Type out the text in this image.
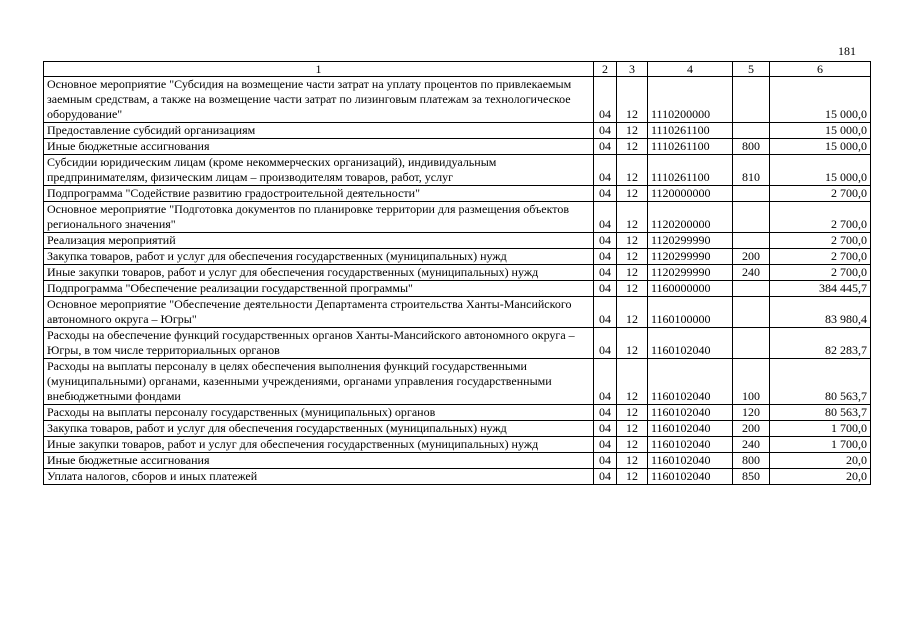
181
1	2	3	4	5	6
Основное мероприятие "Субсидия на возмещение части затрат на уплату процентов по привлекаемым заемным средствам, а также на возмещение части затрат по лизинговым платежам за технологическое оборудование"	04	12	1110200000		15 000,0
Предоставление субсидий организациям	04	12	1110261100		15 000,0
Иные бюджетные ассигнования	04	12	1110261100	800	15 000,0
Субсидии юридическим лицам (кроме некоммерческих организаций), индивидуальным предпринимателям, физическим лицам – производителям товаров, работ, услуг	04	12	1110261100	810	15 000,0
Подпрограмма "Содействие развитию градостроительной деятельности"	04	12	1120000000		2 700,0
Основное мероприятие "Подготовка документов по планировке территории для размещения объектов регионального значения"	04	12	1120200000		2 700,0
Реализация мероприятий	04	12	1120299990		2 700,0
Закупка товаров, работ и услуг для обеспечения государственных (муниципальных) нужд	04	12	1120299990	200	2 700,0
Иные закупки товаров, работ и услуг для обеспечения государственных (муниципальных) нужд	04	12	1120299990	240	2 700,0
Подпрограмма "Обеспечение реализации государственной программы"	04	12	1160000000		384 445,7
Основное мероприятие "Обеспечение деятельности Департамента строительства Ханты-Мансийского автономного округа – Югры"	04	12	1160100000		83 980,4
Расходы на обеспечение функций государственных органов Ханты-Мансийского автономного округа – Югры, в том числе территориальных органов	04	12	1160102040		82 283,7
Расходы на выплаты персоналу в целях обеспечения выполнения функций государственными (муниципальными) органами, казенными учреждениями, органами управления государственными внебюджетными фондами	04	12	1160102040	100	80 563,7
Расходы на выплаты персоналу государственных (муниципальных) органов	04	12	1160102040	120	80 563,7
Закупка товаров, работ и услуг для обеспечения государственных (муниципальных) нужд	04	12	1160102040	200	1 700,0
Иные закупки товаров, работ и услуг для обеспечения государственных (муниципальных) нужд	04	12	1160102040	240	1 700,0
Иные бюджетные ассигнования	04	12	1160102040	800	20,0
Уплата налогов, сборов и иных платежей	04	12	1160102040	850	20,0
